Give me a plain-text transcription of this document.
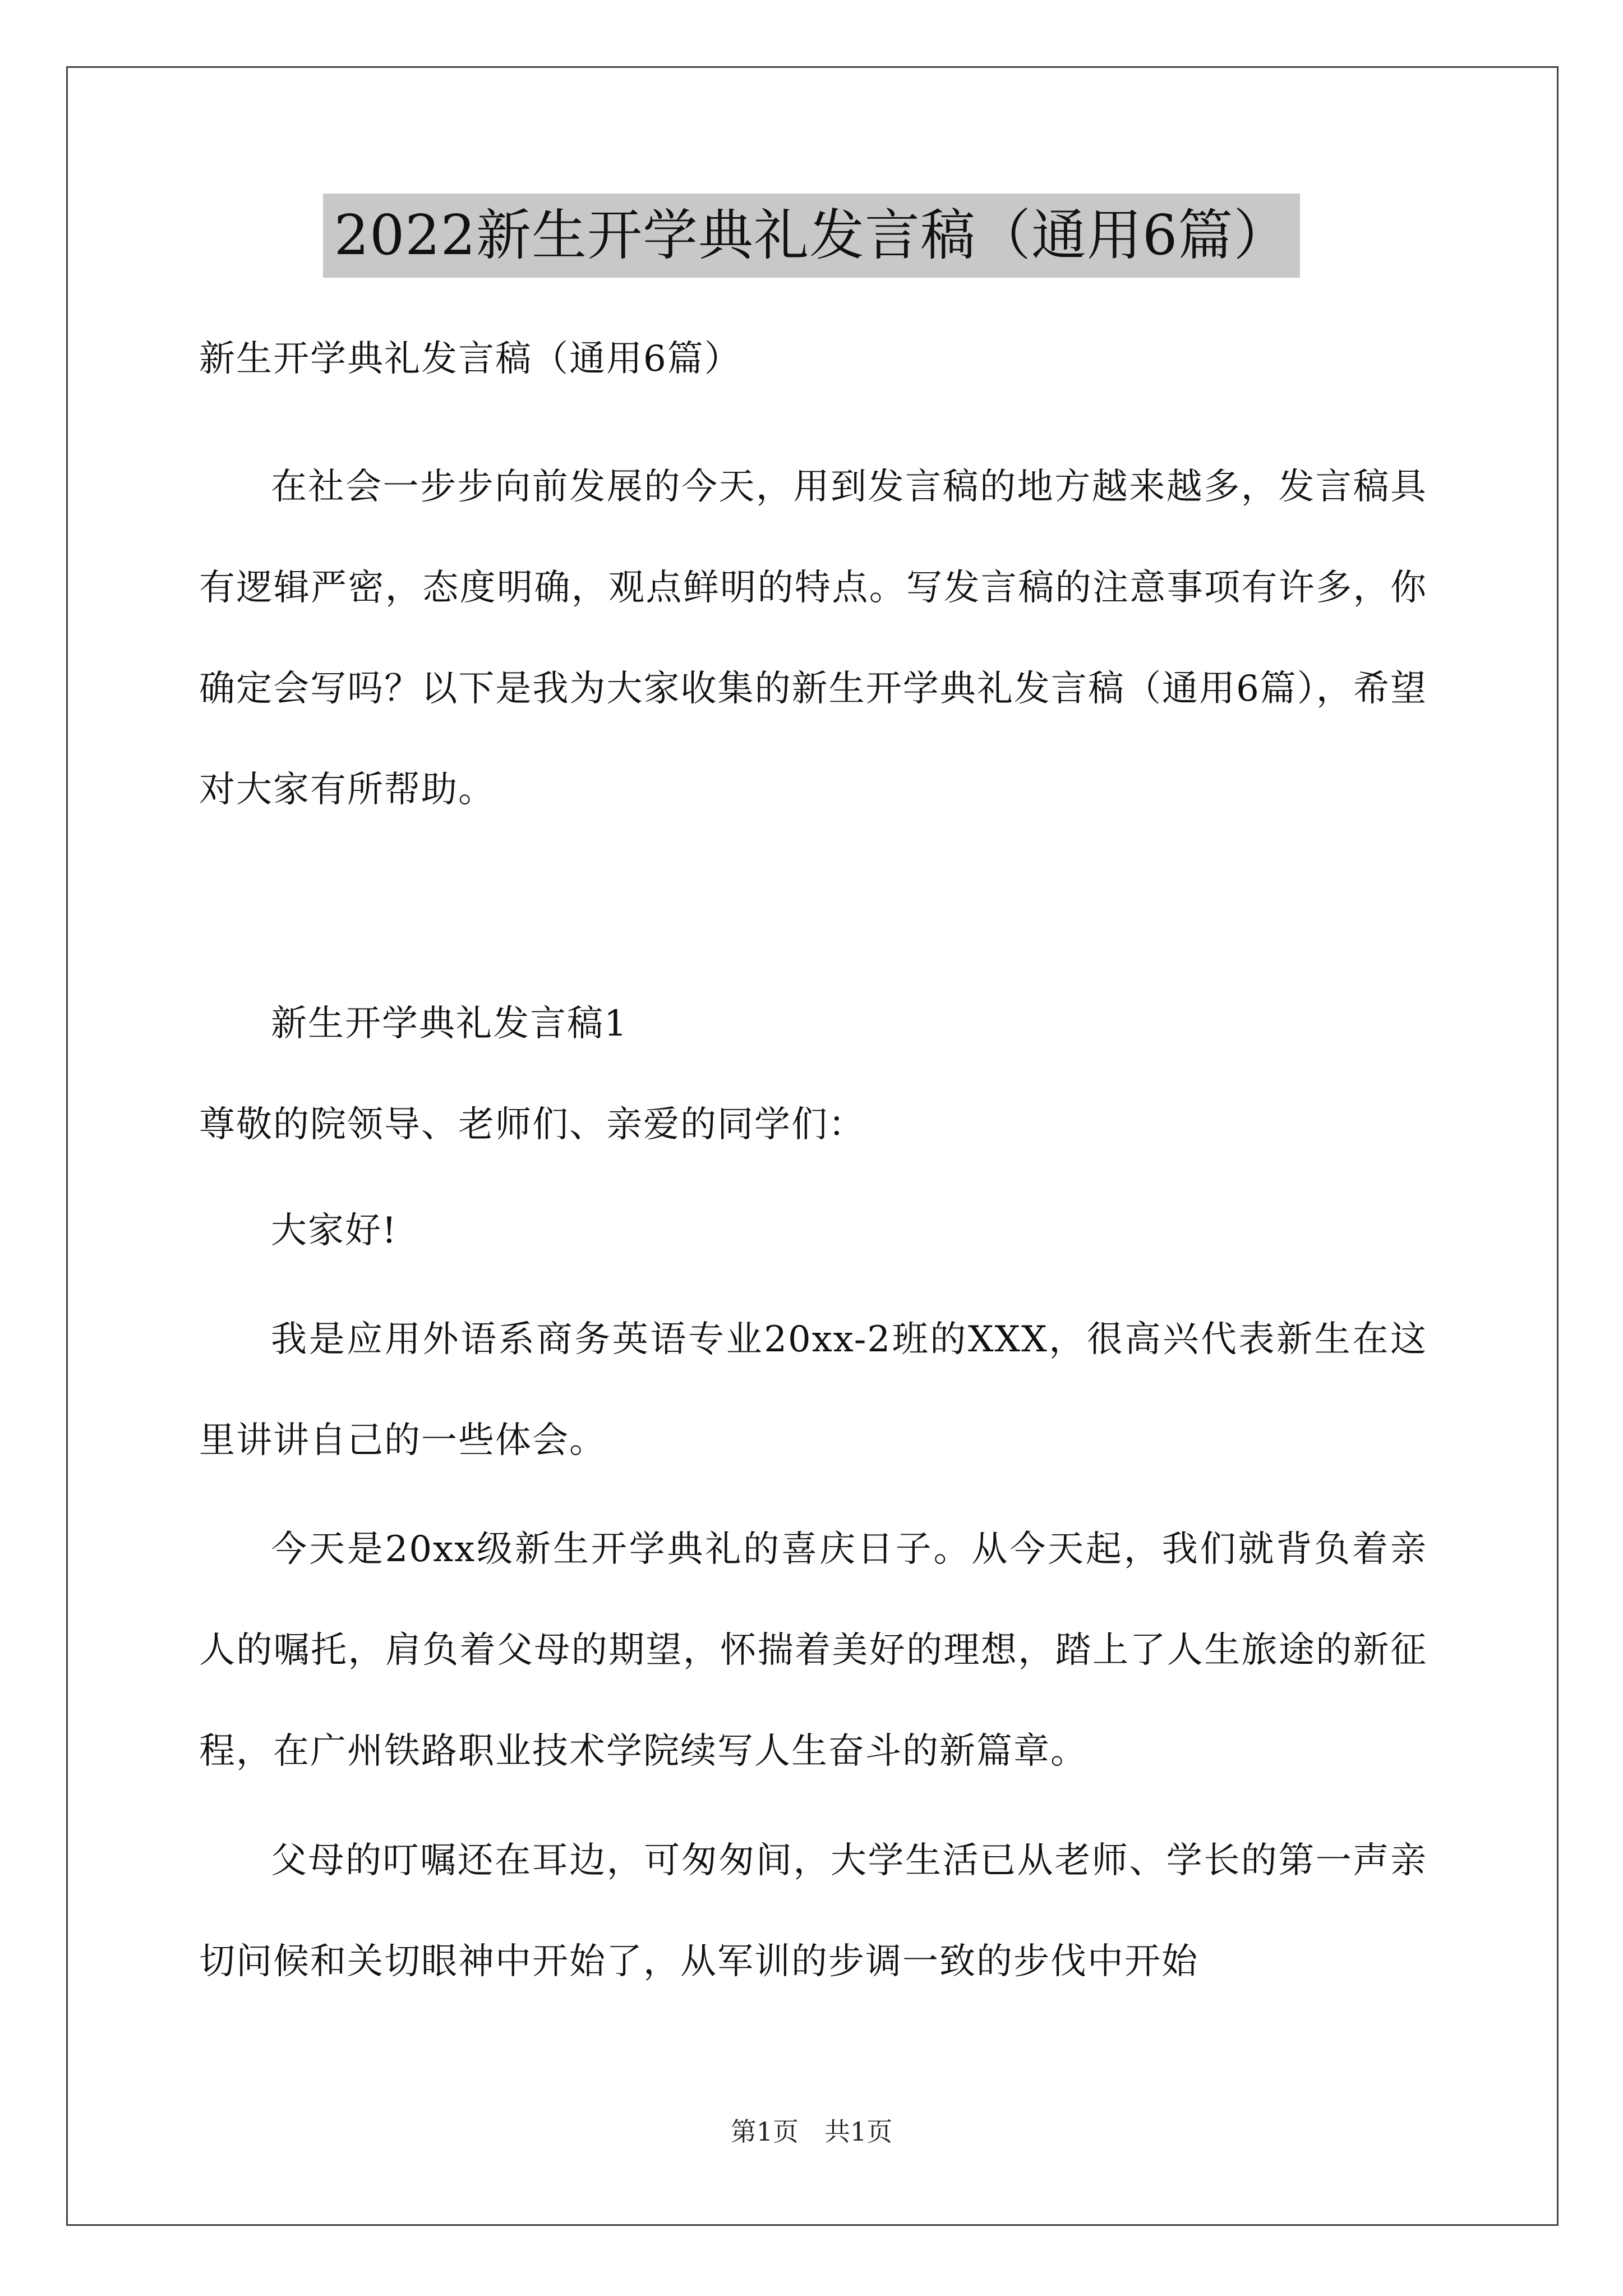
2022新生开学典礼发言稿（通用6篇）

新生开学典礼发言稿（通用6篇）

在社会一步步向前发展的今天，用到发言稿的地方越来越多，发言稿具有逻辑严密，态度明确，观点鲜明的特点。写发言稿的注意事项有许多，你确定会写吗？以下是我为大家收集的新生开学典礼发言稿（通用6篇），希望对大家有所帮助。

新生开学典礼发言稿1

尊敬的院领导、老师们、亲爱的同学们：

大家好!

我是应用外语系商务英语专业20xx-2班的XXX，很高兴代表新生在这里讲讲自己的一些体会。

今天是20xx级新生开学典礼的喜庆日子。从今天起，我们就背负着亲人的嘱托，肩负着父母的期望，怀揣着美好的理想，踏上了人生旅途的新征程，在广州铁路职业技术学院续写人生奋斗的新篇章。

父母的叮嘱还在耳边，可匆匆间，大学生活已从老师、学长的第一声亲切问候和关切眼神中开始了，从军训的步调一致的步伐中开始

第1页　共1页
